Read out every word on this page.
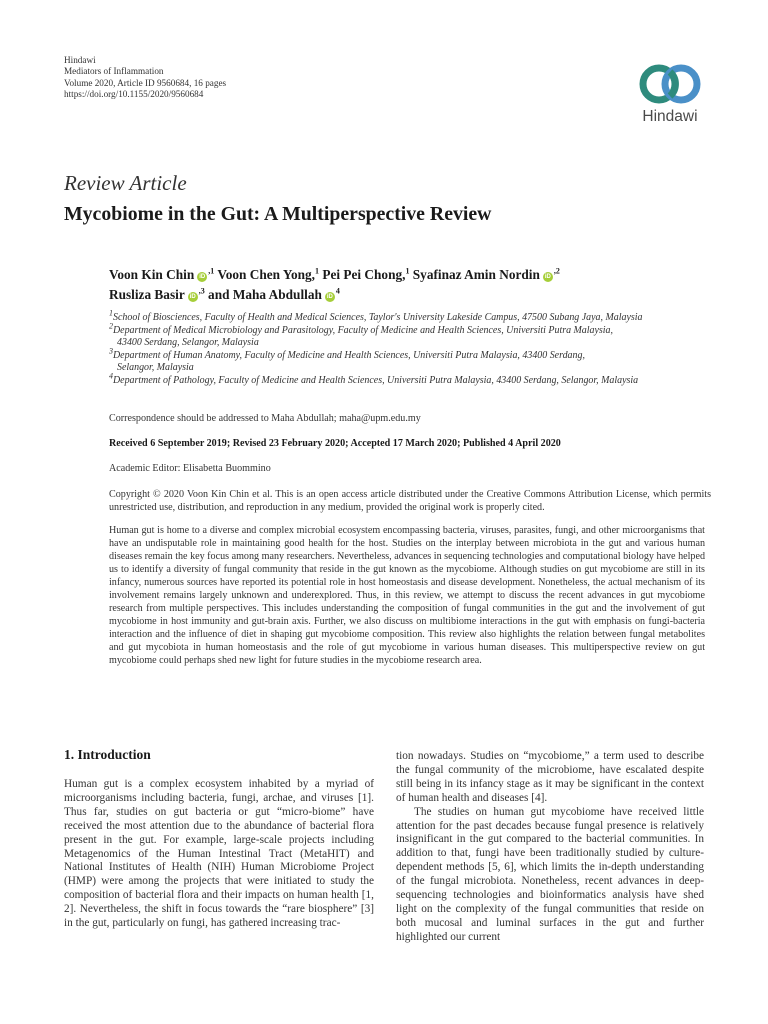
Hindawi
Mediators of Inflammation
Volume 2020, Article ID 9560684, 16 pages
https://doi.org/10.1155/2020/9560684
Hindawi
Review Article
Mycobiome in the Gut: A Multiperspective Review
Voon Kin Chin $iD^{,1}$ Voon Chen Yong,$^1$ Pei Pei Chong,$^1$ Syafinaz Amin Nordin $iD^{,2}$
Rusliza Basir $iD^{,3}$ and Maha Abdullah $iD^4$
$^1$School of Biosciences, Faculty of Health and Medical Sciences, Taylor's University Lakeside Campus, 47500 Subang Jaya, Malaysia
$^2$Department of Medical Microbiology and Parasitology, Faculty of Medicine and Health Sciences, Universiti Putra Malaysia,
43400 Serdang, Selangor, Malaysia
$^3$Department of Human Anatomy, Faculty of Medicine and Health Sciences, Universiti Putra Malaysia, 43400 Serdang,
Selangor, Malaysia
$^4$Department of Pathology, Faculty of Medicine and Health Sciences, Universiti Putra Malaysia, 43400 Serdang, Selangor, Malaysia
Correspondence should be addressed to Maha Abdullah; maha@upm.edu.my
Received 6 September 2019; Revised 23 February 2020; Accepted 17 March 2020; Published 4 April 2020
Academic Editor: Elisabetta Buommino
Copyright © 2020 Voon Kin Chin et al. This is an open access article distributed under the Creative Commons Attribution License, which permits unrestricted use, distribution, and reproduction in any medium, provided the original work is properly cited.
Human gut is home to a diverse and complex microbial ecosystem encompassing bacteria, viruses, parasites, fungi, and other microorganisms that have an undisputable role in maintaining good health for the host. Studies on the interplay between microbiota in the gut and various human diseases remain the key focus among many researchers. Nevertheless, advances in sequencing technologies and computational biology have helped us to identify a diversity of fungal community that reside in the gut known as the mycobiome. Although studies on gut mycobiome are still in its infancy, numerous sources have reported its potential role in host homeostasis and disease development. Nonetheless, the actual mechanism of its involvement remains largely unknown and underexplored. Thus, in this review, we attempt to discuss the recent advances in gut mycobiome research from multiple perspectives. This includes understanding the composition of fungal communities in the gut and the involvement of gut mycobiome in host immunity and gut-brain axis. Further, we also discuss on multibiome interactions in the gut with emphasis on fungi-bacteria interaction and the influence of diet in shaping gut mycobiome composition. This review also highlights the relation between fungal metabolites and gut mycobiota in human homeostasis and the role of gut mycobiome in various human diseases. This multiperspective review on gut mycobiome could perhaps shed new light for future studies in the mycobiome research area.
1. Introduction

Human gut is a complex ecosystem inhabited by a myriad of microorganisms including bacteria, fungi, archae, and viruses [1]. Thus far, studies on gut bacteria or gut “micro-biome” have received the most attention due to the abundance of bacterial flora present in the gut. For example, large-scale projects including Metagenomics of the Human Intestinal Tract (MetaHIT) and National Institutes of Health (NIH) Human Microbiome Project (HMP) were among the projects that were initiated to study the composition of bacterial flora and their impacts on human health [1, 2]. Nevertheless, the shift in focus towards the “rare biosphere” [3] in the gut, particularly on fungi, has gathered increasing trac-

tion nowadays. Studies on “mycobiome,” a term used to describe the fungal community of the microbiome, have escalated despite still being in its infancy stage as it may be significant in the context of human health and diseases [4].

The studies on human gut mycobiome have received little attention for the past decades because fungal presence is relatively insignificant in the gut compared to the bacterial communities. In addition to that, fungi have been traditionally studied by culture-dependent methods [5, 6], which limits the in-depth understanding of the fungal microbiota. Nonetheless, recent advances in deep-sequencing technologies and bioinformatics analysis have shed light on the complexity of the fungal communities that reside on both mucosal and luminal surfaces in the gut and further highlighted our current
